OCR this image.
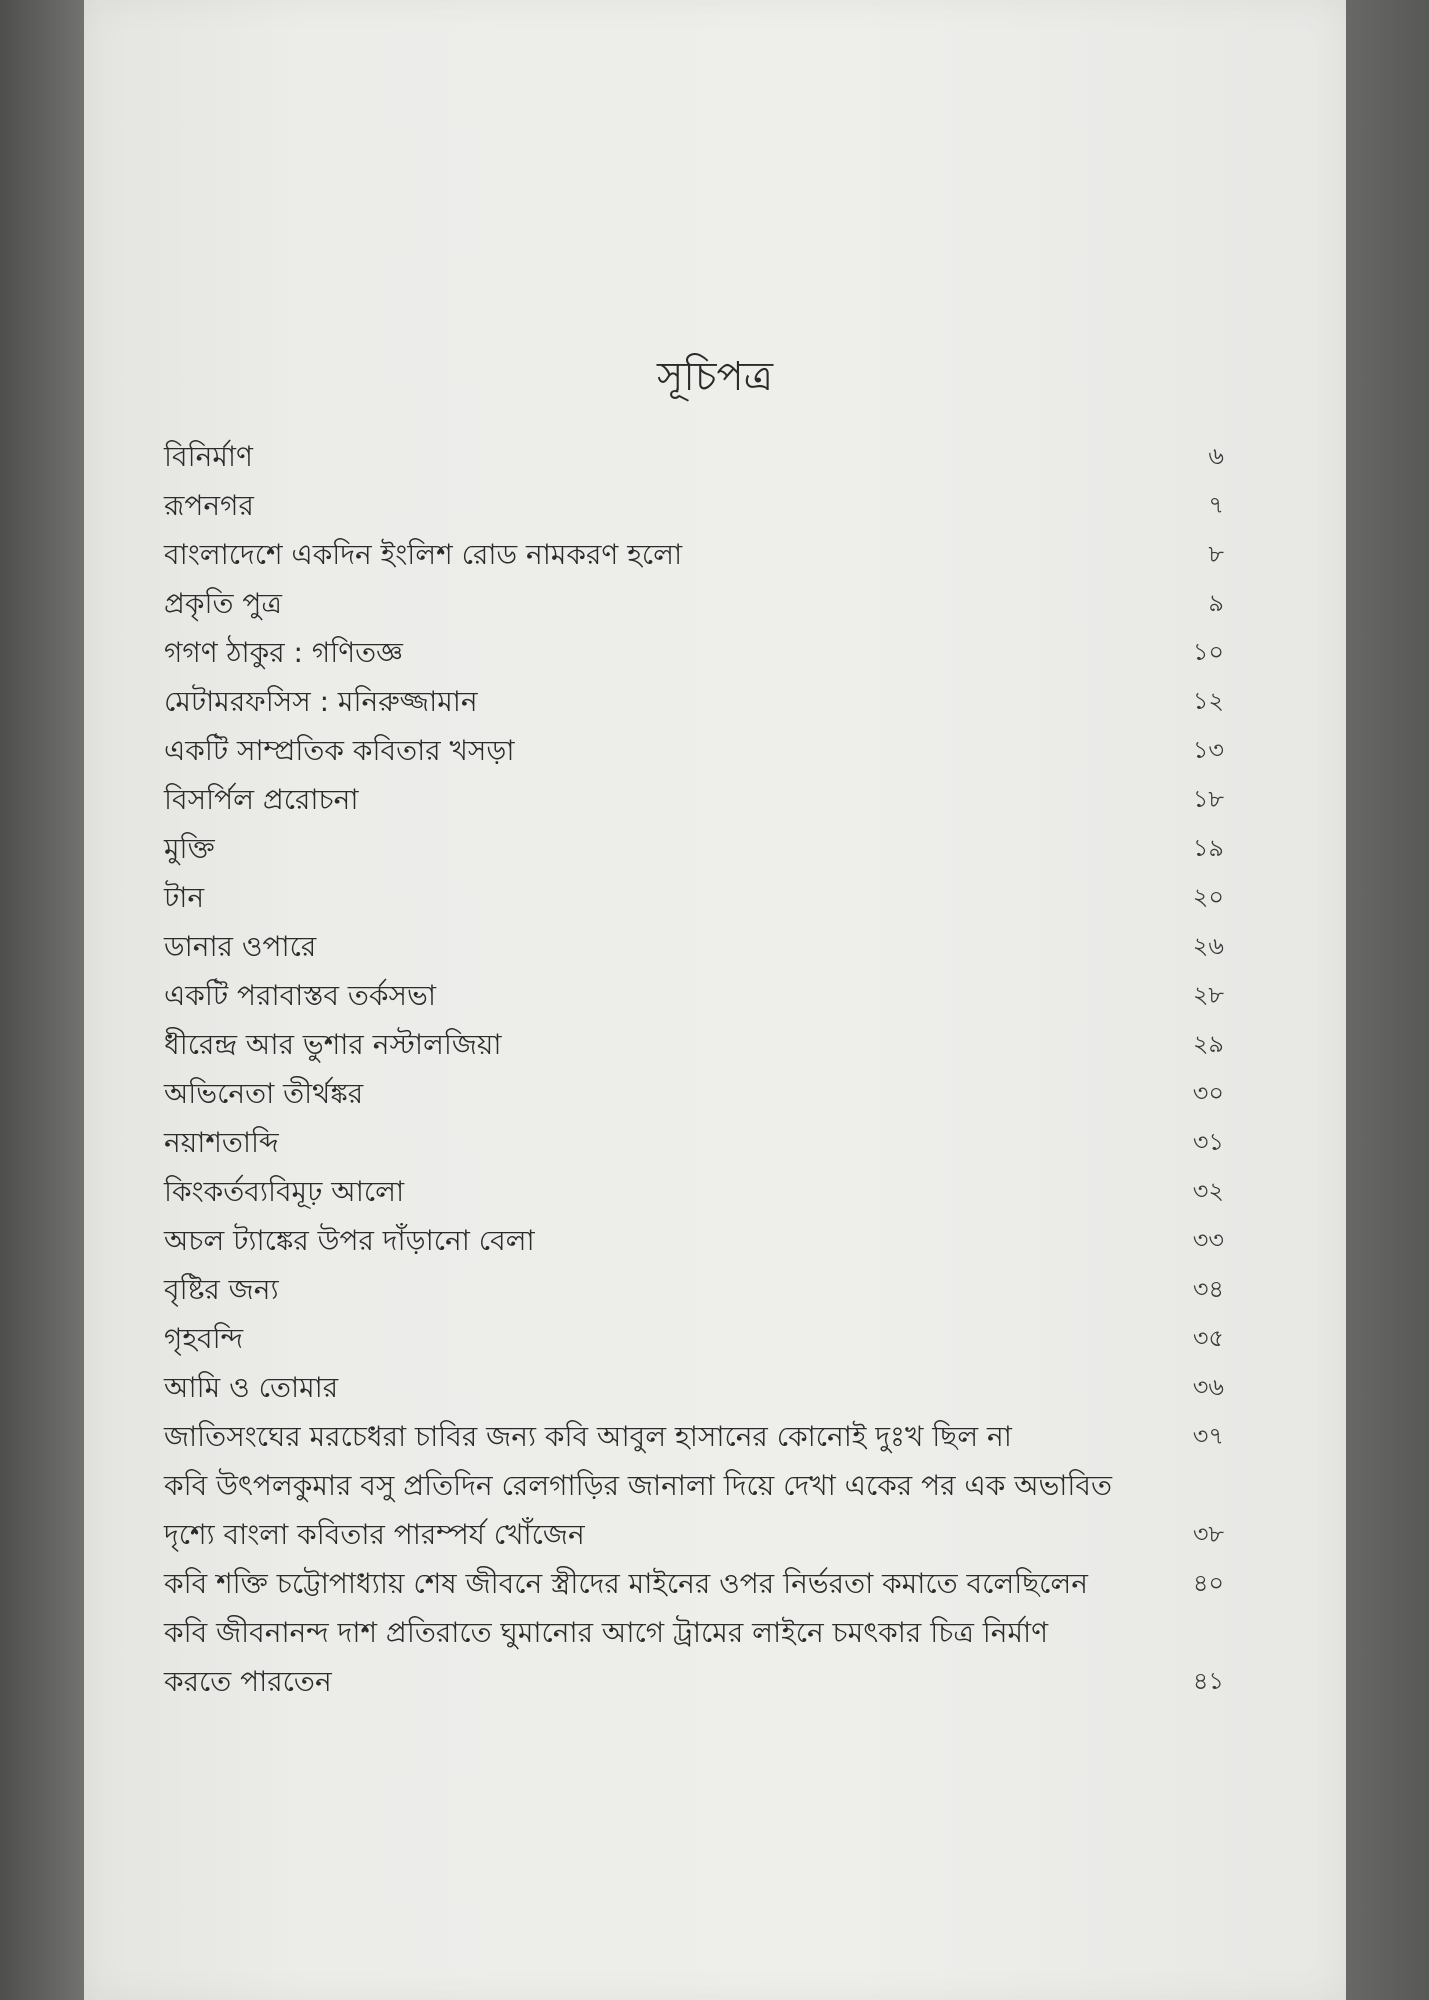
সূচিপত্র
বিনির্মাণ	৬
রূপনগর	৭
বাংলাদেশে একদিন ইংলিশ রোড নামকরণ হলো	৮
প্রকৃতি পুত্র	৯
গগণ ঠাকুর : গণিতজ্ঞ	১০
মেটামরফসিস : মনিরুজ্জামান	১২
একটি সাম্প্রতিক কবিতার খসড়া	১৩
বিসর্পিল প্ররোচনা	১৮
মুক্তি	১৯
টান	২০
ডানার ওপারে	২৬
একটি পরাবাস্তব তর্কসভা	২৮
ধীরেন্দ্র আর ভুশার নস্টালজিয়া	২৯
অভিনেতা তীর্থঙ্কর	৩০
নয়াশতাব্দি	৩১
কিংকর্তব্যবিমূঢ় আলো	৩২
অচল ট্যাঙ্কের উপর দাঁড়ানো বেলা	৩৩
বৃষ্টির জন্য	৩৪
গৃহবন্দি	৩৫
আমি ও তোমার	৩৬
জাতিসংঘের মরচেধরা চাবির জন্য কবি আবুল হাসানের কোনোই দুঃখ ছিল না	৩৭
কবি উৎপলকুমার বসু প্রতিদিন রেলগাড়ির জানালা দিয়ে দেখা একের পর এক অভাবিত দৃশ্যে বাংলা কবিতার পারম্পর্য খোঁজেন	৩৮
কবি শক্তি চট্টোপাধ্যায় শেষ জীবনে স্ত্রীদের মাইনের ওপর নির্ভরতা কমাতে বলেছিলেন	৪০
কবি জীবনানন্দ দাশ প্রতিরাতে ঘুমানোর আগে ট্রামের লাইনে চমৎকার চিত্র নির্মাণ করতে পারতেন	৪১
